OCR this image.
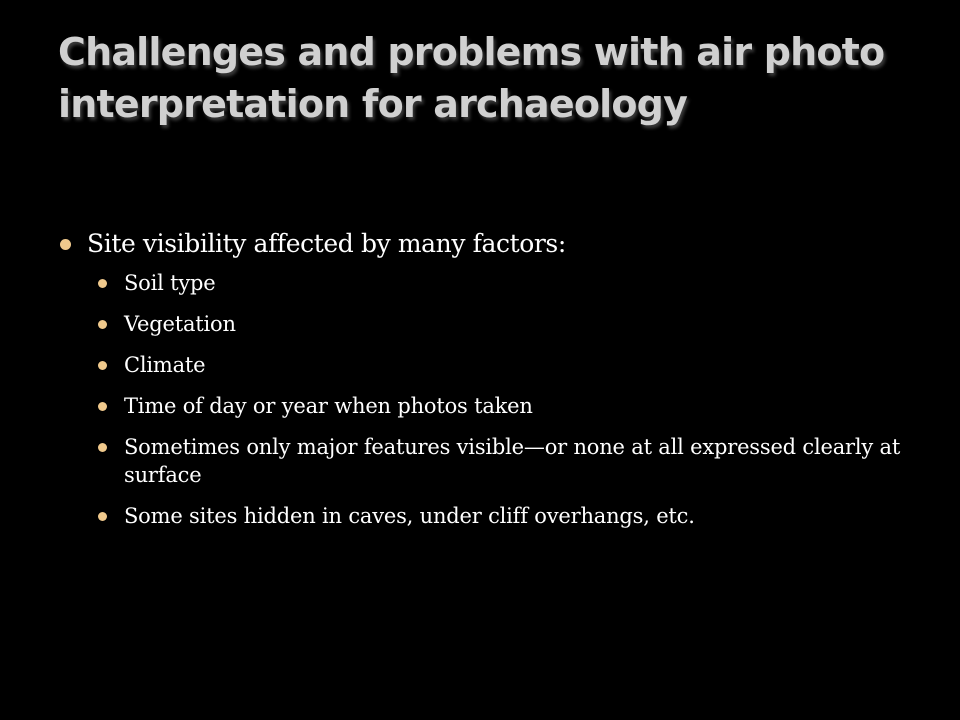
Challenges and problems with air photo interpretation for archaeology
Site visibility affected by many factors:
Soil type
Vegetation
Climate
Time of day or year when photos taken
Sometimes only major features visible—or none at all expressed clearly at surface
Some sites hidden in caves, under cliff overhangs, etc.
